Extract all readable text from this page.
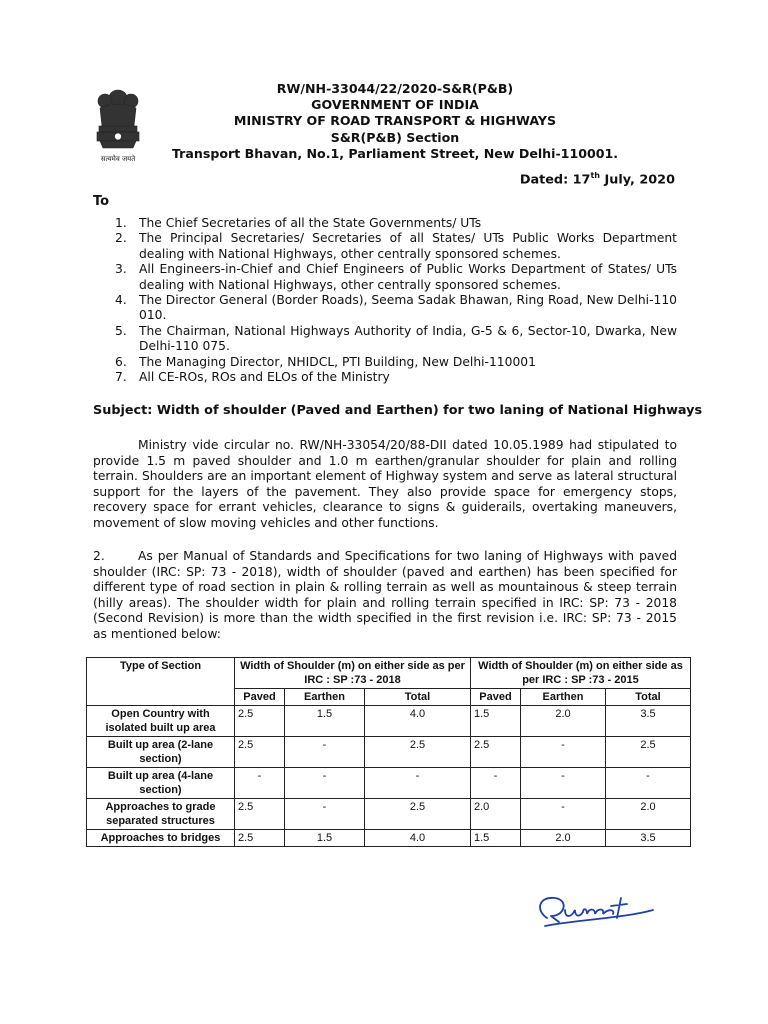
सत्यमेव जयते
RW/NH-33044/22/2020-S&R(P&B)
GOVERNMENT OF INDIA
MINISTRY OF ROAD TRANSPORT & HIGHWAYS
S&R(P&B) Section
Transport Bhavan, No.1, Parliament Street, New Delhi-110001.
Dated: 17th July, 2020
To
1. The Chief Secretaries of all the State Governments/ UTs
2. The Principal Secretaries/ Secretaries of all States/ UTs Public Works Department dealing with National Highways, other centrally sponsored schemes.
3. All Engineers-in-Chief and Chief Engineers of Public Works Department of States/ UTs dealing with National Highways, other centrally sponsored schemes.
4. The Director General (Border Roads), Seema Sadak Bhawan, Ring Road, New Delhi-110 010.
5. The Chairman, National Highways Authority of India, G-5 & 6, Sector-10, Dwarka, New Delhi-110 075.
6. The Managing Director, NHIDCL, PTI Building, New Delhi-110001
7. All CE-ROs, ROs and ELOs of the Ministry
Subject: Width of shoulder (Paved and Earthen) for two laning of National Highways

Ministry vide circular no. RW/NH-33054/20/88-DII dated 10.05.1989 had stipulated to provide 1.5 m paved shoulder and 1.0 m earthen/granular shoulder for plain and rolling terrain. Shoulders are an important element of Highway system and serve as lateral structural support for the layers of the pavement. They also provide space for emergency stops, recovery space for errant vehicles, clearance to signs & guiderails, overtaking maneuvers, movement of slow moving vehicles and other functions.

2.	As per Manual of Standards and Specifications for two laning of Highways with paved shoulder (IRC: SP: 73 - 2018), width of shoulder (paved and earthen) has been specified for different type of road section in plain & rolling terrain as well as mountainous & steep terrain (hilly areas). The shoulder width for plain and rolling terrain specified in IRC: SP: 73 - 2018 (Second Revision) is more than the width specified in the first revision i.e. IRC: SP: 73 - 2015 as mentioned below:

Type of Section	Width of Shoulder (m) on either side as per IRC : SP :73 - 2018			Width of Shoulder (m) on either side as per IRC : SP :73 - 2015		
	Paved	Earthen	Total	Paved	Earthen	Total
Open Country with isolated built up area	2.5	1.5	4.0	1.5	2.0	3.5
Built up area (2-lane section)	2.5	-	2.5	2.5	-	2.5
Built up area (4-lane section)	-	-	-	-	-	-
Approaches to grade separated structures	2.5	-	2.5	2.0	-	2.0
Approaches to bridges	2.5	1.5	4.0	1.5	2.0	3.5
